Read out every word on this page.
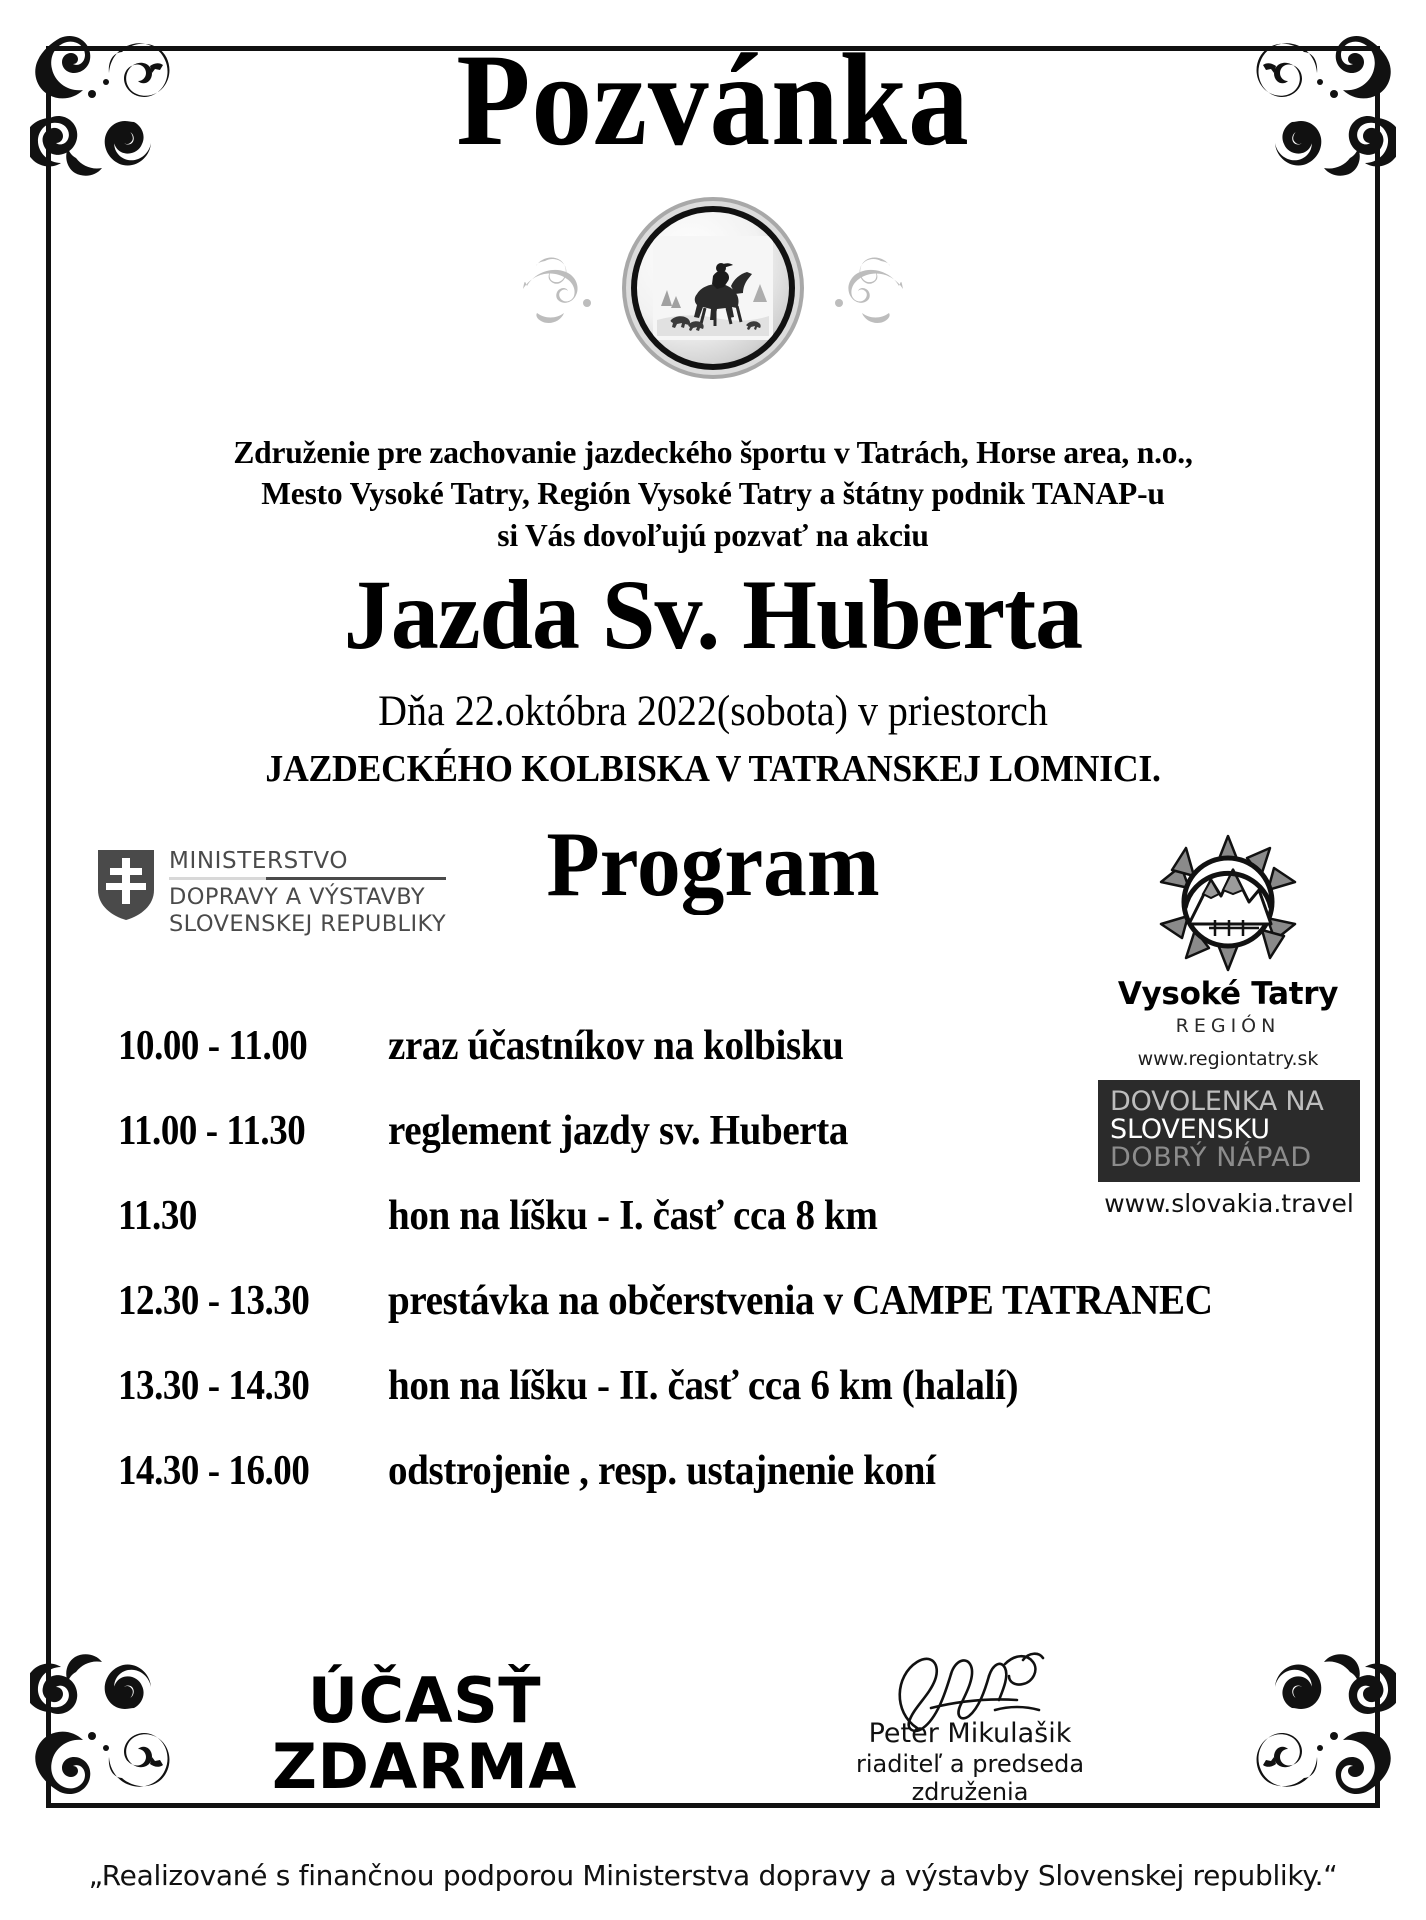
Pozvánka
Združenie pre zachovanie jazdeckého športu v Tatrách, Horse area, n.o.,
Mesto Vysoké Tatry, Región Vysoké Tatry a štátny podnik TANAP-u
si Vás dovoľujú pozvať na akciu
Jazda Sv. Huberta
Dňa 22.októbra 2022(sobota) v priestorch
JAZDECKÉHO KOLBISKA V TATRANSKEJ LOMNICI.
Program
MINISTERSTVO
DOPRAVY A VÝSTAVBY
SLOVENSKEJ REPUBLIKY
Vysoké Tatry
REGIÓN
www.regiontatry.sk
DOVOLENKA NA
SLOVENSKU
DOBRÝ NÁPAD
www.slovakia.travel
10.00 - 11.00	zraz účastníkov na kolbisku
11.00 - 11.30	reglement jazdy sv. Huberta
11.30	hon na líšku - I. časť cca 8 km
12.30 - 13.30	prestávka na občerstvenia v CAMPE TATRANEC
13.30 - 14.30	hon na líšku - II. časť cca 6 km (halalí)
14.30 - 16.00	odstrojenie , resp. ustajnenie koní
ÚČASŤ
ZDARMA	Peter Mikulašik
riaditeľ a predseda združenia
„Realizované s finančnou podporou Ministerstva dopravy a výstavby Slovenskej republiky.“
